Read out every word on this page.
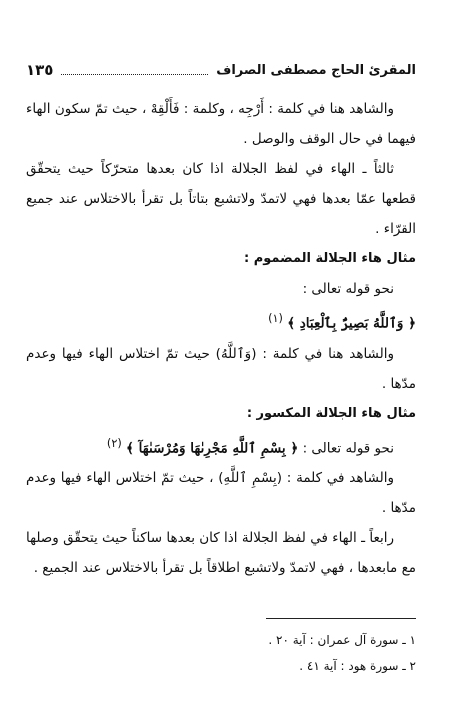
المقرئ الحاج مصطفى الصراف
١٣٥

والشاهد هنا في كلمة : أَرْجِه ، وكلمة : فَأَلْقِهْ ، حيث تمّ سكون الهاء فيهما في حال الوقف والوصل .

ثالثاً ـ الهاء في لفظ الجلالة اذا كان بعدها متحرّكاً حيث يتحقّق قطعها عمّا بعدها فهي لاتمدّ ولاتشبع بتاتاً بل تقرأ بالاختلاس عند جميع القرّاء .

مثال هاء الجلالة المضموم :

نحو قوله تعالى :

﴿ وَٱللَّهُ بَصِيرٌۢ بِٱلْعِبَادِ ﴾ $^{(١)}$

والشاهد هنا في كلمة : (وَٱللَّهُ) حيث تمّ اختلاس الهاء فيها وعدم مدّها .

مثال هاء الجلالة المكسور :

نحو قوله تعالى : ﴿ بِسْمِ ٱللَّهِ مَجْرِىٰهَا وَمُرْسَىٰهَآ ﴾ $^{(٢)}$

والشاهد في كلمة : (بِسْمِ ٱللَّهِ) ، حيث تمّ اختلاس الهاء فيها وعدم مدّها .

رابعاً ـ الهاء في لفظ الجلالة اذا كان بعدها ساكناً حيث يتحقّق وصلها مع مابعدها ، فهي لاتمدّ ولاتشبع اطلاقاً بل تقرأ بالاختلاس عند الجميع .

١ ـ سورة آل عمران : آية ٢٠ .

٢ ـ سورة هود : آية ٤١ .
